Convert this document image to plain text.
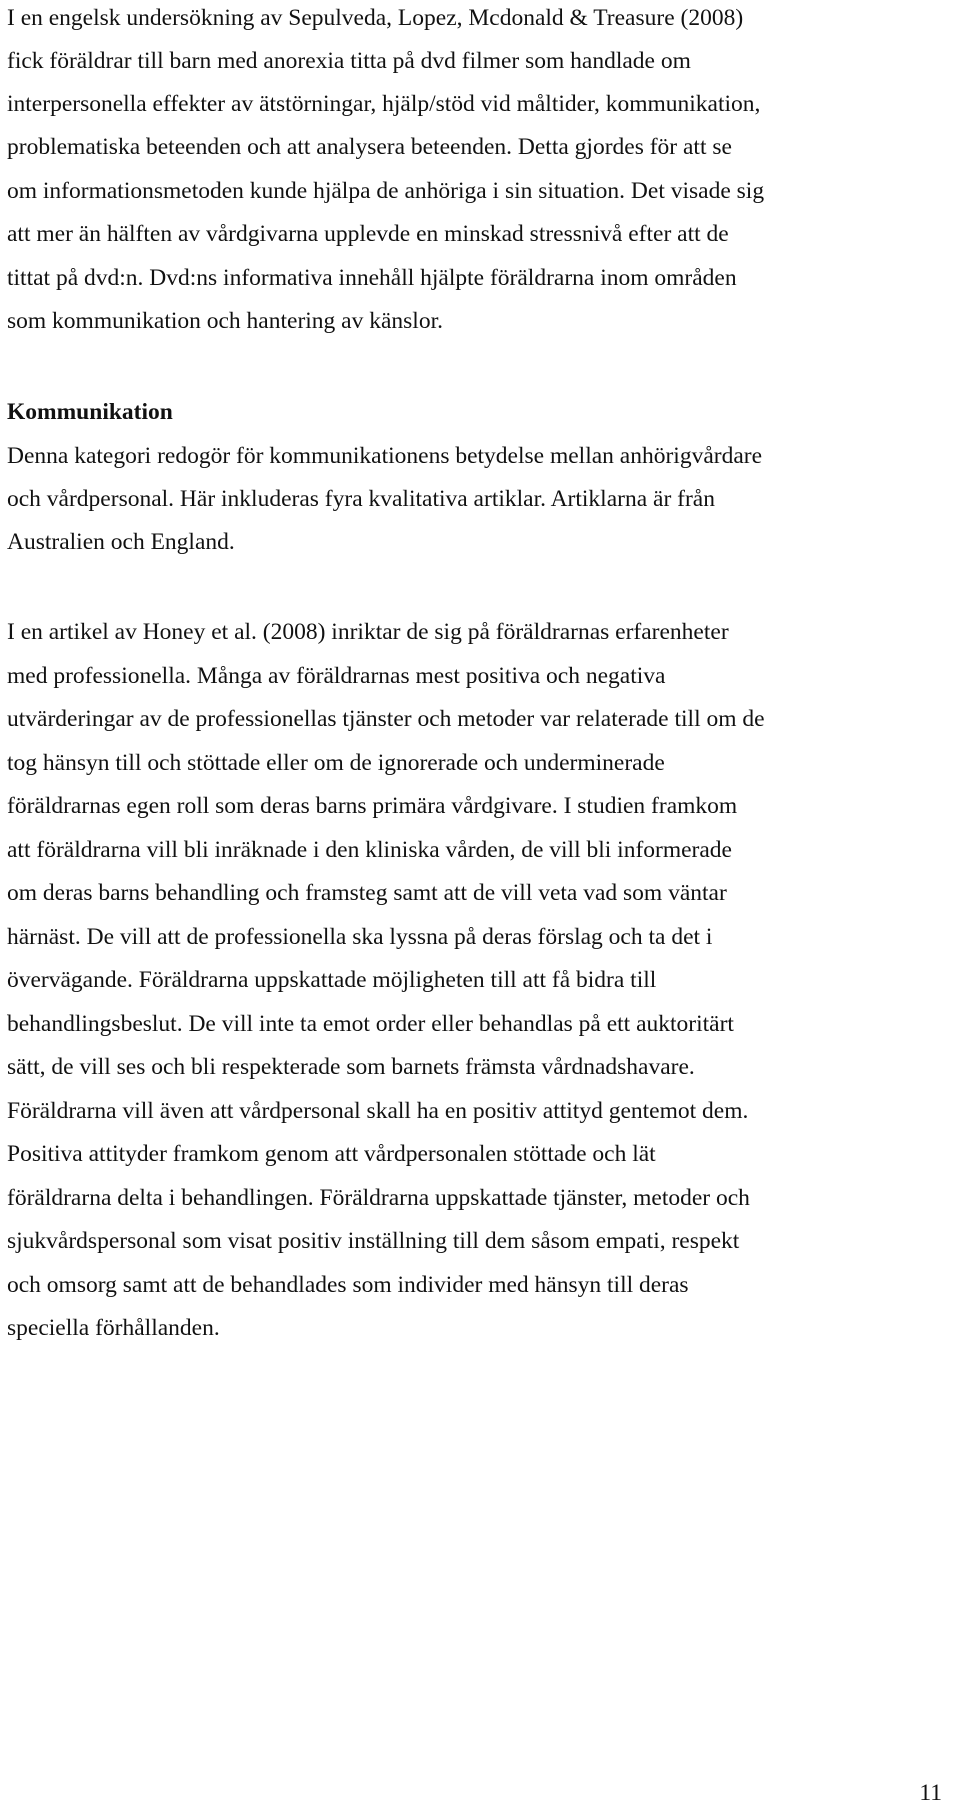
I en engelsk undersökning av Sepulveda, Lopez, Mcdonald & Treasure (2008)
fick föräldrar till barn med anorexia titta på dvd filmer som handlade om
interpersonella effekter av ätstörningar, hjälp/stöd vid måltider, kommunikation,
problematiska beteenden och att analysera beteenden. Detta gjordes för att se
om informationsmetoden kunde hjälpa de anhöriga i sin situation. Det visade sig
att mer än hälften av vårdgivarna upplevde en minskad stressnivå efter att de
tittat på dvd:n. Dvd:ns informativa innehåll hjälpte föräldrarna inom områden
som kommunikation och hantering av känslor.
Kommunikation
Denna kategori redogör för kommunikationens betydelse mellan anhörigvårdare
och vårdpersonal. Här inkluderas fyra kvalitativa artiklar. Artiklarna är från
Australien och England.
I en artikel av Honey et al. (2008) inriktar de sig på föräldrarnas erfarenheter
med professionella. Många av föräldrarnas mest positiva och negativa
utvärderingar av de professionellas tjänster och metoder var relaterade till om de
tog hänsyn till och stöttade eller om de ignorerade och underminerade
föräldrarnas egen roll som deras barns primära vårdgivare. I studien framkom
att föräldrarna vill bli inräknade i den kliniska vården, de vill bli informerade
om deras barns behandling och framsteg samt att de vill veta vad som väntar
härnäst. De vill att de professionella ska lyssna på deras förslag och ta det i
övervägande. Föräldrarna uppskattade möjligheten till att få bidra till
behandlingsbeslut. De vill inte ta emot order eller behandlas på ett auktoritärt
sätt, de vill ses och bli respekterade som barnets främsta vårdnadshavare.
Föräldrarna vill även att vårdpersonal skall ha en positiv attityd gentemot dem.
Positiva attityder framkom genom att vårdpersonalen stöttade och lät
föräldrarna delta i behandlingen. Föräldrarna uppskattade tjänster, metoder och
sjukvårdspersonal som visat positiv inställning till dem såsom empati, respekt
och omsorg samt att de behandlades som individer med hänsyn till deras
speciella förhållanden.
11
